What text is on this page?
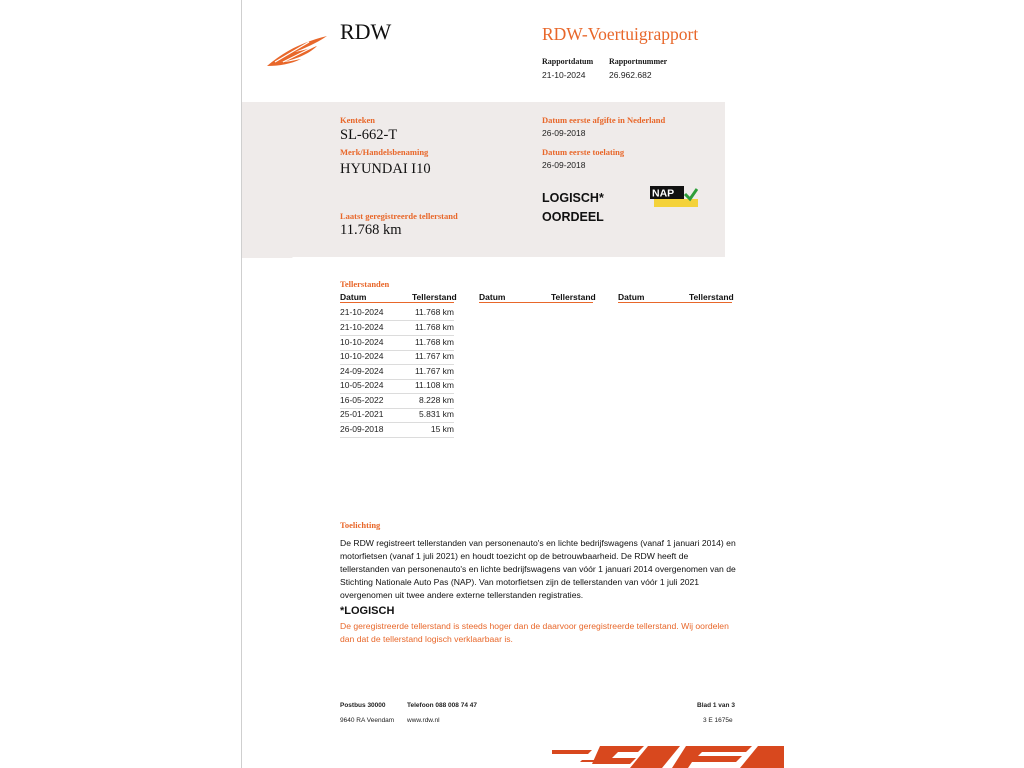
RDW	RDW-Voertuigrapport
Rapportdatum Rapportnummer
21-10-2024	26.962.682
Kenteken
SL-662-T
Merk/Handelsbenaming
HYUNDAI I10
Laatst geregistreerde tellerstand
11.768 km
Datum eerste afgifte in Nederland
26-09-2018
Datum eerste toelating
26-09-2018
LOGISCH*
OORDEEL
NAP
Tellerstanden
Datum	Tellerstand	Datum	Tellerstand	Datum	Tellerstand
21-10-2024	11.768 km
21-10-2024	11.768 km
10-10-2024	11.768 km
10-10-2024	11.767 km
24-09-2024	11.767 km
10-05-2024	11.108 km
16-05-2022	8.228 km
25-01-2021	5.831 km
26-09-2018	15 km
Toelichting
De RDW registreert tellerstanden van personenauto's en lichte bedrijfswagens (vanaf 1 januari 2014) en motorfietsen (vanaf 1 juli 2021) en houdt toezicht op de betrouwbaarheid. De RDW heeft de tellerstanden van personenauto's en lichte bedrijfswagens van vóór 1 januari 2014 overgenomen van de Stichting Nationale Auto Pas (NAP). Van motorfietsen zijn de tellerstanden van vóór 1 juli 2021 overgenomen uit twee andere externe tellerstanden registraties.
*LOGISCH
De geregistreerde tellerstand is steeds hoger dan de daarvoor geregistreerde tellerstand. Wij oordelen dan dat de tellerstand logisch verklaarbaar is.
Postbus 30000
9640 RA Veendam
Telefoon 088 008 74 47
www.rdw.nl
Blad 1 van 3
3 E 1675e
